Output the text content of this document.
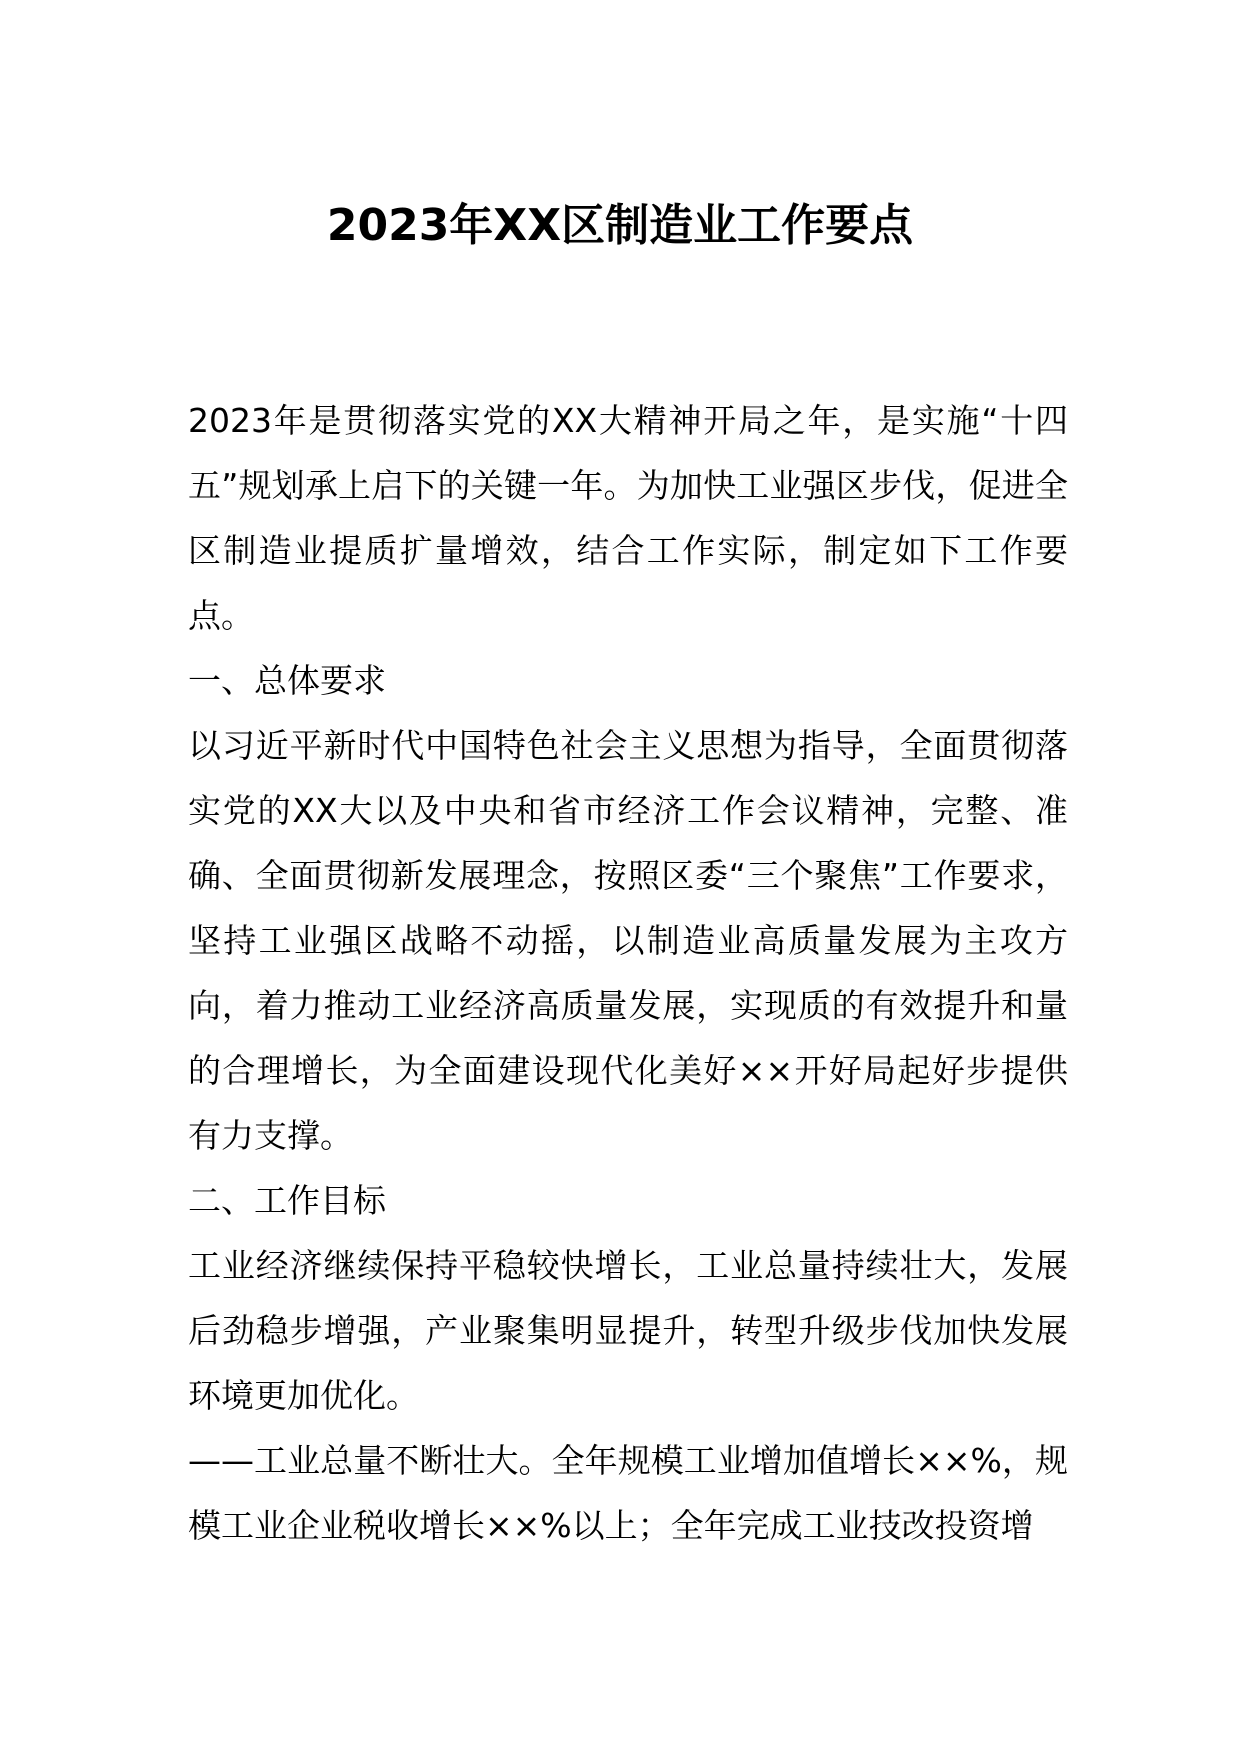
2023年XX区制造业工作要点

2023年是贯彻落实党的XX大精神开局之年，是实施“十四五”规划承上启下的关键一年。为加快工业强区步伐，促进全区制造业提质扩量增效，结合工作实际，制定如下工作要点。

一、总体要求

以习近平新时代中国特色社会主义思想为指导，全面贯彻落实党的XX大以及中央和省市经济工作会议精神，完整、准确、全面贯彻新发展理念，按照区委“三个聚焦”工作要求，坚持工业强区战略不动摇，以制造业高质量发展为主攻方向，着力推动工业经济高质量发展，实现质的有效提升和量的合理增长，为全面建设现代化美好××开好局起好步提供有力支撑。

二、工作目标

工业经济继续保持平稳较快增长，工业总量持续壮大，发展后劲稳步增强，产业聚集明显提升，转型升级步伐加快发展环境更加优化。

——工业总量不断壮大。全年规模工业增加值增长××%，规模工业企业税收增长××%以上；全年完成工业技改投资增
